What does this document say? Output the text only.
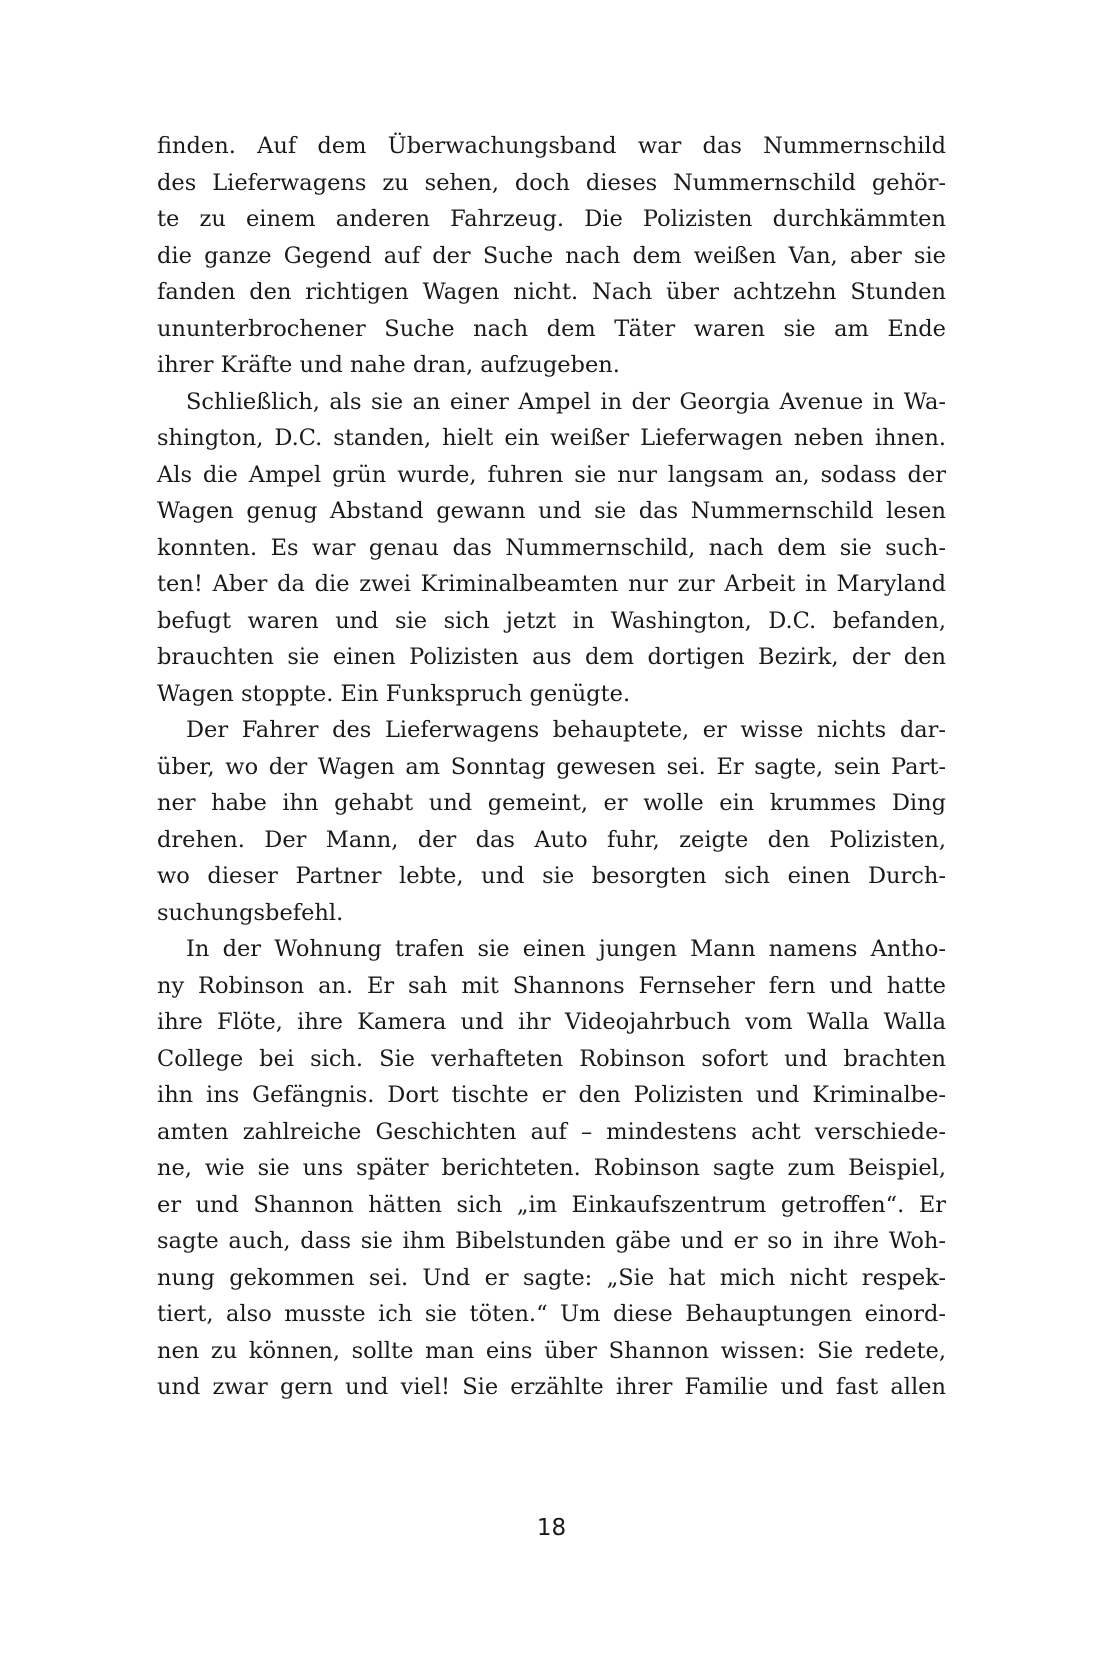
finden. Auf dem Überwachungsband war das Nummernschild
des Lieferwagens zu sehen, doch dieses Nummernschild gehör-
te zu einem anderen Fahrzeug. Die Polizisten durchkämmten
die ganze Gegend auf der Suche nach dem weißen Van, aber sie
fanden den richtigen Wagen nicht. Nach über achtzehn Stunden
ununterbrochener Suche nach dem Täter waren sie am Ende
ihrer Kräfte und nahe dran, aufzugeben.
Schließlich, als sie an einer Ampel in der Georgia Avenue in Wa-
shington, D.C. standen, hielt ein weißer Lieferwagen neben ihnen.
Als die Ampel grün wurde, fuhren sie nur langsam an, sodass der
Wagen genug Abstand gewann und sie das Nummernschild lesen
konnten. Es war genau das Nummernschild, nach dem sie such-
ten! Aber da die zwei Kriminalbeamten nur zur Arbeit in Maryland
befugt waren und sie sich jetzt in Washington, D.C. befanden,
brauchten sie einen Polizisten aus dem dortigen Bezirk, der den
Wagen stoppte. Ein Funkspruch genügte.
Der Fahrer des Lieferwagens behauptete, er wisse nichts dar-
über, wo der Wagen am Sonntag gewesen sei. Er sagte, sein Part-
ner habe ihn gehabt und gemeint, er wolle ein krummes Ding
drehen. Der Mann, der das Auto fuhr, zeigte den Polizisten,
wo dieser Partner lebte, und sie besorgten sich einen Durch-
suchungsbefehl.
In der Wohnung trafen sie einen jungen Mann namens Antho-
ny Robinson an. Er sah mit Shannons Fernseher fern und hatte
ihre Flöte, ihre Kamera und ihr Videojahrbuch vom Walla Walla
College bei sich. Sie verhafteten Robinson sofort und brachten
ihn ins Gefängnis. Dort tischte er den Polizisten und Kriminalbe-
amten zahlreiche Geschichten auf – mindestens acht verschiede-
ne, wie sie uns später berichteten. Robinson sagte zum Beispiel,
er und Shannon hätten sich „im Einkaufszentrum getroffen“. Er
sagte auch, dass sie ihm Bibelstunden gäbe und er so in ihre Woh-
nung gekommen sei. Und er sagte: „Sie hat mich nicht respek-
tiert, also musste ich sie töten.“ Um diese Behauptungen einord-
nen zu können, sollte man eins über Shannon wissen: Sie redete,
und zwar gern und viel! Sie erzählte ihrer Familie und fast allen
18
